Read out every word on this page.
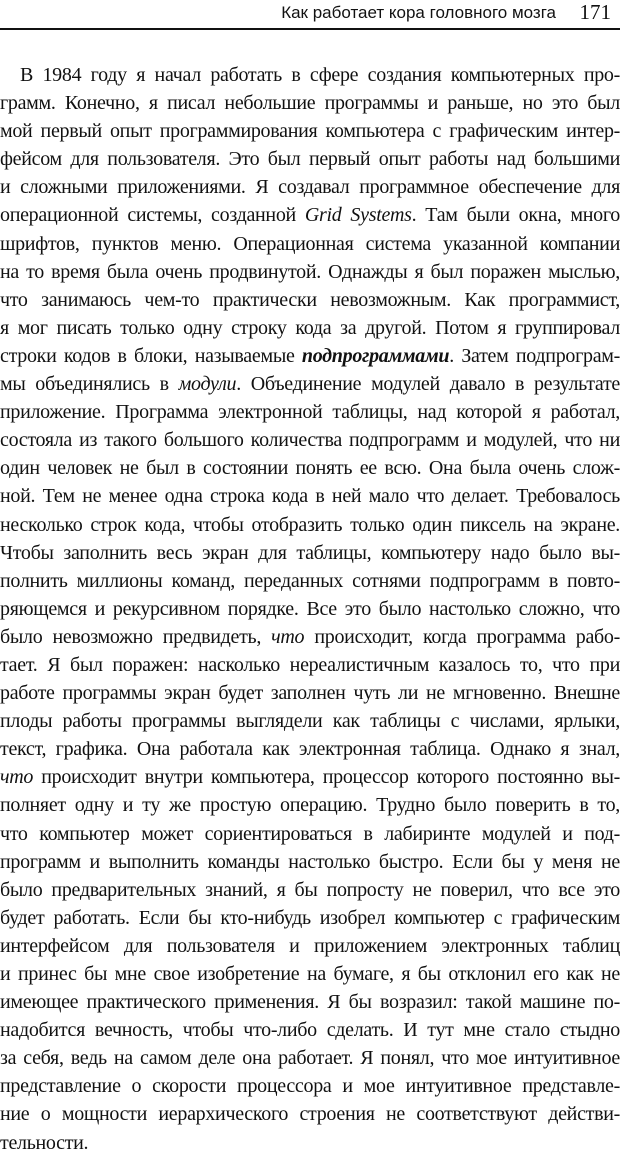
Как работает кора головного мозга 171
В 1984 году я начал работать в сфере создания компьютерных про-
грамм. Конечно, я писал небольшие программы и раньше, но это был
мой первый опыт программирования компьютера с графическим интер-
фейсом для пользователя. Это был первый опыт работы над большими
и сложными приложениями. Я создавал программное обеспечение для
операционной системы, созданной Grid Systems. Там были окна, много
шрифтов, пунктов меню. Операционная система указанной компании
на то время была очень продвинутой. Однажды я был поражен мыслью,
что занимаюсь чем-то практически невозможным. Как программист,
я мог писать только одну строку кода за другой. Потом я группировал
строки кодов в блоки, называемые подпрограммами. Затем подпрограм-
мы объединялись в модули. Объединение модулей давало в результате
приложение. Программа электронной таблицы, над которой я работал,
состояла из такого большого количества подпрограмм и модулей, что ни
один человек не был в состоянии понять ее всю. Она была очень слож-
ной. Тем не менее одна строка кода в ней мало что делает. Требовалось
несколько строк кода, чтобы отобразить только один пиксель на экране.
Чтобы заполнить весь экран для таблицы, компьютеру надо было вы-
полнить миллионы команд, переданных сотнями подпрограмм в повто-
ряющемся и рекурсивном порядке. Все это было настолько сложно, что
было невозможно предвидеть, что происходит, когда программа рабо-
тает. Я был поражен: насколько нереалистичным казалось то, что при
работе программы экран будет заполнен чуть ли не мгновенно. Внешне
плоды работы программы выглядели как таблицы с числами, ярлыки,
текст, графика. Она работала как электронная таблица. Однако я знал,
что происходит внутри компьютера, процессор которого постоянно вы-
полняет одну и ту же простую операцию. Трудно было поверить в то,
что компьютер может сориентироваться в лабиринте модулей и под-
программ и выполнить команды настолько быстро. Если бы у меня не
было предварительных знаний, я бы попросту не поверил, что все это
будет работать. Если бы кто-нибудь изобрел компьютер с графическим
интерфейсом для пользователя и приложением электронных таблиц
и принес бы мне свое изобретение на бумаге, я бы отклонил его как не
имеющее практического применения. Я бы возразил: такой машине по-
надобится вечность, чтобы что-либо сделать. И тут мне стало стыдно
за себя, ведь на самом деле она работает. Я понял, что мое интуитивное
представление о скорости процессора и мое интуитивное представле-
ние о мощности иерархического строения не соответствуют действи-
тельности.
